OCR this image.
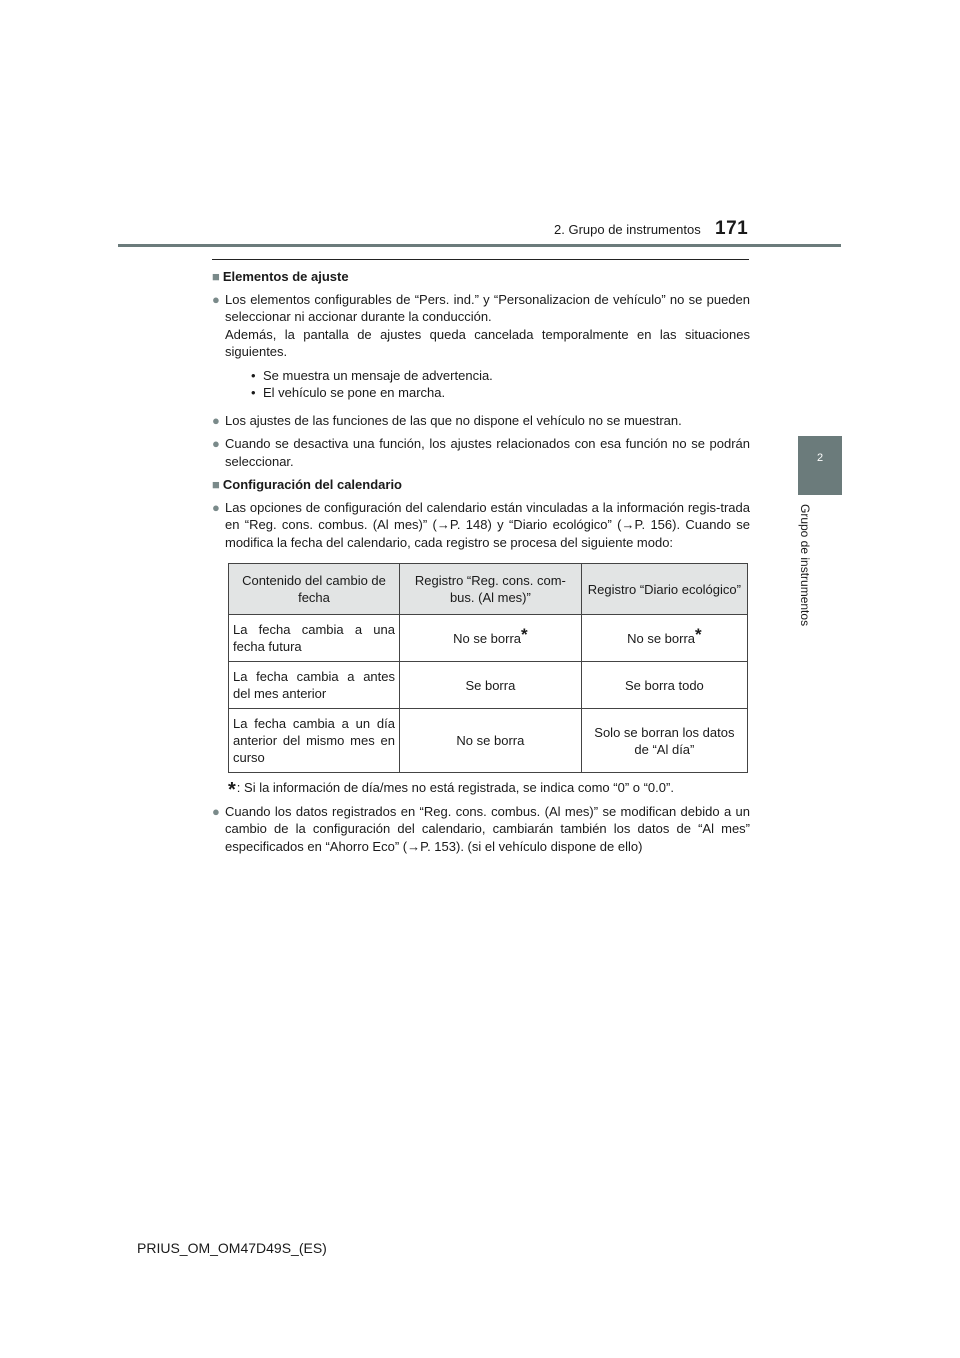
171
2. Grupo de instrumentos
2
Grupo de instrumentos
■ Elementos de ajuste
● Los elementos configurables de “Pers. ind.” y “Personalizacion de vehículo” no se pueden seleccionar ni accionar durante la conducción.
Además, la pantalla de ajustes queda cancelada temporalmente en las situaciones siguientes.
• Se muestra un mensaje de advertencia.
• El vehículo se pone en marcha.
● Los ajustes de las funciones de las que no dispone el vehículo no se muestran.
● Cuando se desactiva una función, los ajustes relacionados con esa función no se podrán seleccionar.
■ Configuración del calendario
● Las opciones de configuración del calendario están vinculadas a la información regis-trada en “Reg. cons. combus. (Al mes)” (→P. 148) y “Diario ecológico” (→P. 156). Cuando se modifica la fecha del calendario, cada registro se procesa del siguiente modo:
Contenido del cambio de fecha	Registro “Reg. cons. com-bus. (Al mes)”	Registro “Diario ecológico”
La fecha cambia a una fecha futura	No se borra*	No se borra*
La fecha cambia a antes del mes anterior	Se borra	Se borra todo
La fecha cambia a un día anterior del mismo mes en curso	No se borra	Solo se borran los datos de “Al día”
* : Si la información de día/mes no está registrada, se indica como “0” o “0.0”.
● Cuando los datos registrados en “Reg. cons. combus. (Al mes)” se modifican debido a un cambio de la configuración del calendario, cambiarán también los datos de “Al mes” especificados en “Ahorro Eco” (→P. 153). (si el vehículo dispone de ello)
PRIUS_OM_OM47D49S_(ES)
